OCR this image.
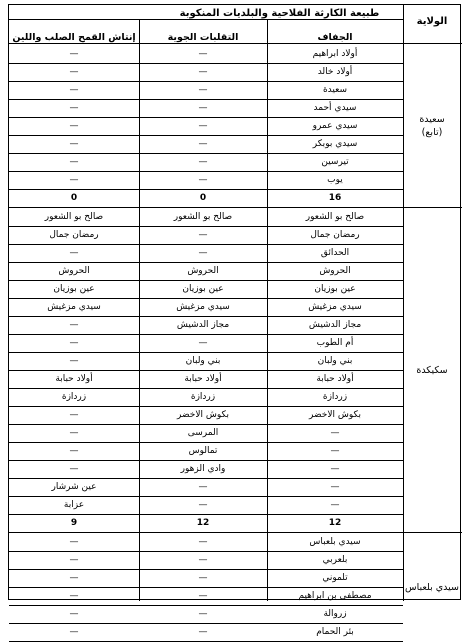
طبيعة الكارثة الفلاحية والبلديات المنكوبة
الولاية
الجفاف
التقلبات الجوية
إنتاش القمح الصلب واللين
أولاد ابراهيم
—
—
أولاد خالد
—
—
سعيدة
—
—
سيدي أحمد
—
—
سيدي عمرو
—
—
سيدي بوبكر
—
—
تيرسين
—
—
يوب
—
—
16
0
0
سعيدة
(تابع)
صالح بو الشعور
صالح بو الشعور
صالح بو الشعور
رمضان جمال
—
رمضان جمال
الحدائق
—
—
الحروش
الحروش
الحروش
عين بوزيان
عين بوزيان
عين بوزيان
سيدي مزغيش
سيدي مزغيش
سيدي مزغيش
مجاز الدشيش
مجاز الدشيش
—
أم الطوب
—
—
بني ولبان
بني ولبان
—
أولاد حبابة
أولاد حبابة
أولاد حبابة
زردازة
زردازة
زردازة
بكوش الاخضر
بكوش الاخضر
—
—
المرسى
—
—
تمالوس
—
—
وادي الزهور
—
—
—
عين شرشار
—
—
عزابة
12
12
9
سكيكدة
سيدي بلعباس
—
—
بلعربي
—
—
تلموني
—
—
مصطفى بن ابراهيم
—
—
زروالة
—
—
بئر الحمام
—
—
سيدي بلعباس
